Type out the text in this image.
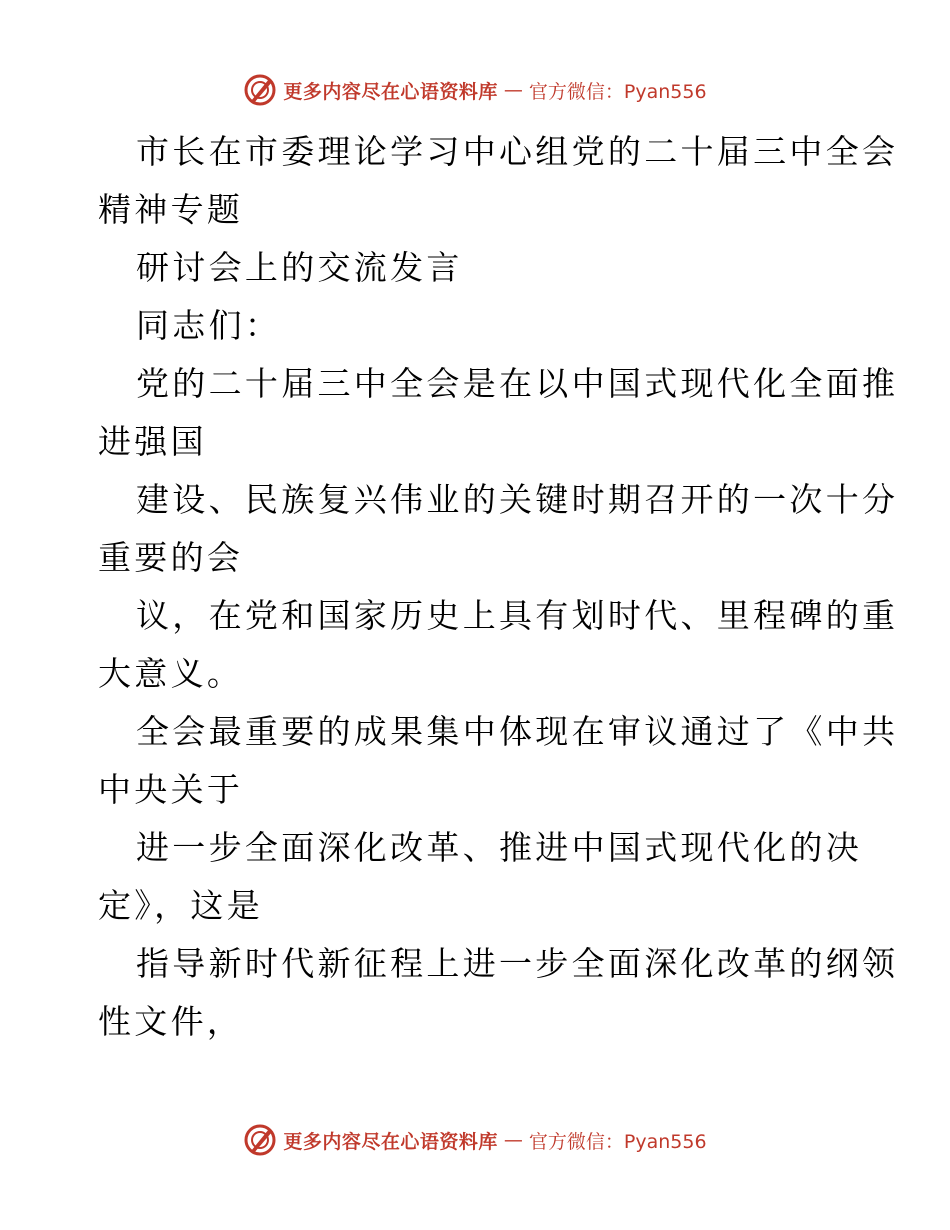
更多内容尽在心语资料库 — 官方微信：Pyan556
市长在市委理论学习中心组党的二十届三中全会
精神专题
研讨会上的交流发言
同志们：
党的二十届三中全会是在以中国式现代化全面推
进强国
建设、民族复兴伟业的关键时期召开的一次十分
重要的会
议，在党和国家历史上具有划时代、里程碑的重
大意义。
全会最重要的成果集中体现在审议通过了《中共
中央关于
进一步全面深化改革、推进中国式现代化的决
定》，这是
指导新时代新征程上进一步全面深化改革的纲领
性文件，
更多内容尽在心语资料库 — 官方微信：Pyan556
